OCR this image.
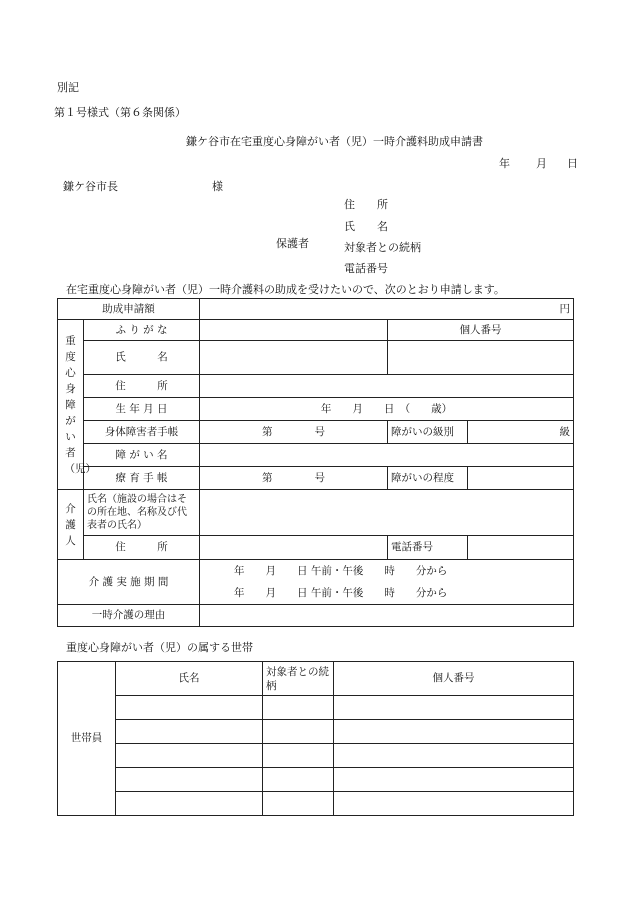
別記
第１号様式（第６条関係）
鎌ケ谷市在宅重度心身障がい者（児）一時介護料助成申請書
年 月 日
鎌ケ谷市長	様
保護者
住　　所
氏　　名
対象者との続柄
電話番号
在宅重度心身障がい者（児）一時介護料の助成を受けたいので、次のとおり申請します。
助成申請額		円		
重度心身障がい者（児）	ふ り が な		個人番号	
	氏　　　名			

	住　　　所			
	生 年 月 日	年　　月　　日　（　　歳）		
	身体障害者手帳	第　　　　号	障がいの級別	級
	障 が い 名			
	療 育 手 帳	第　　　　号	障がいの程度	
介護人	氏名（施設の場合はその所在地、名称及び代表者の氏名）			
	住　　　所		電話番号	
介 護 実 施 期 間		年　　月　　日 午前・午後　　時　　分から
年　　月　　日 午前・午後　　時　　分から		

一時介護の理由				
重度心身障がい者（児）の属する世帯
世帯員	氏名	対象者との続柄	個人番号
